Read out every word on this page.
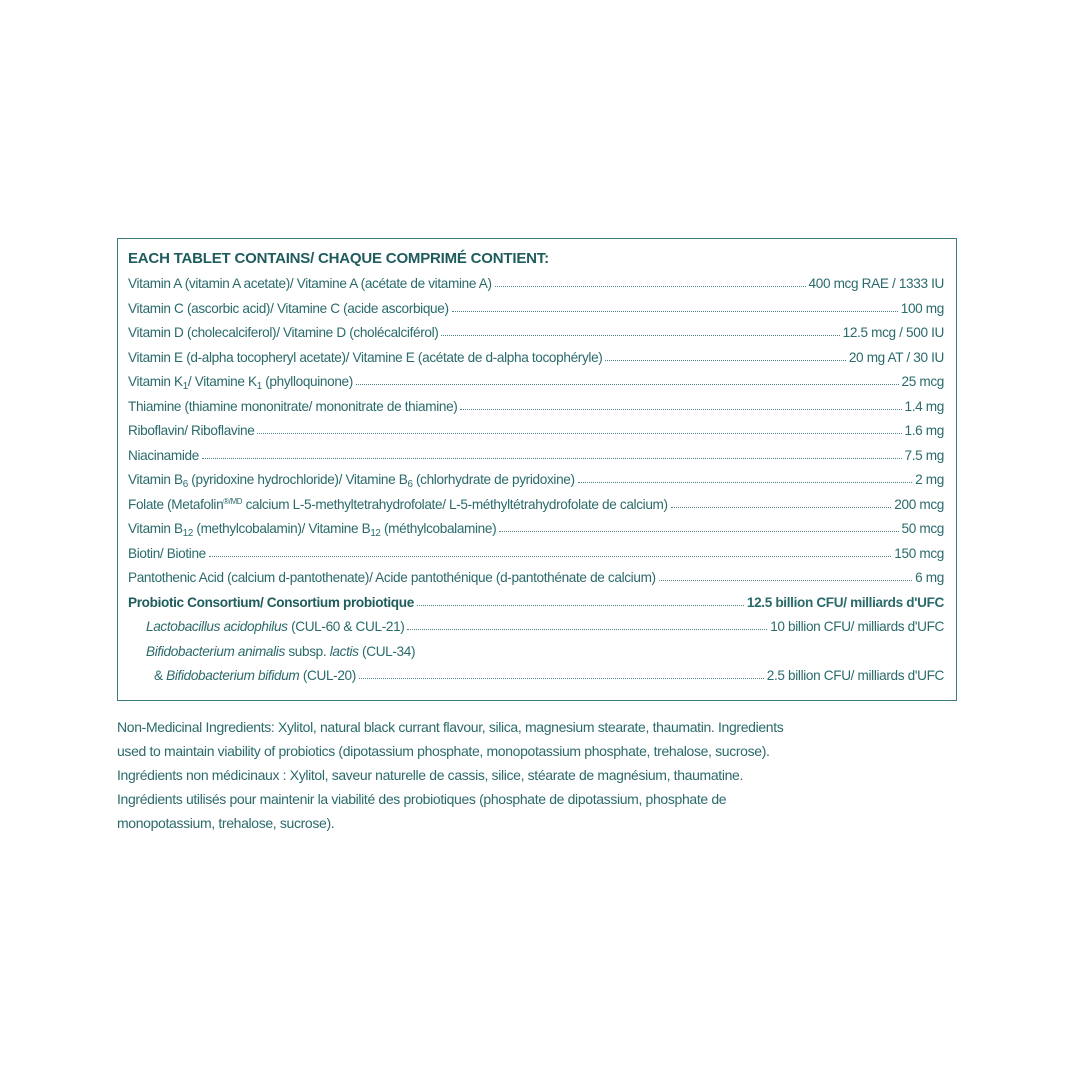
EACH TABLET CONTAINS/ CHAQUE COMPRIMÉ CONTIENT:
Vitamin A (vitamin A acetate)/ Vitamine A (acétate de vitamine A)	400 mcg RAE / 1333 IU
Vitamin C (ascorbic acid)/ Vitamine C (acide ascorbique)	100 mg
Vitamin D (cholecalciferol)/ Vitamine D (cholécalciférol)	12.5 mcg / 500 IU
Vitamin E (d-alpha tocopheryl acetate)/ Vitamine E (acétate de d-alpha tocophéryle)	20 mg AT / 30 IU
Vitamin $K_1/$ Vitamine $K_1$ (phylloquinone)	25 mcg
Thiamine (thiamine mononitrate/ mononitrate de thiamine)	1.4 mg
Riboflavin/ Riboflavine	1.6 mg
Niacinamide	7.5 mg
Vitamin $B_6$ (pyridoxine hydrochloride)/ Vitamine $B_6$ (chlorhydrate de pyridoxine)	2 mg
Folate (Metafolin$^{®/MD}$ calcium L-5-methyltetrahydrofolate/ L-5-méthyltétrahydrofolate de calcium)	200 mcg
Vitamin $B_{12}$ (methylcobalamin)/ Vitamine $B_{12}$ (méthylcobalamine)	50 mcg
Biotin/ Biotine	150 mcg
Pantothenic Acid (calcium d-pantothenate)/ Acide pantothénique (d-pantothénate de calcium)	6 mg
Probiotic Consortium/ Consortium probiotique	12.5 billion CFU/ milliards d'UFC
Lactobacillus acidophilus (CUL-60 & CUL-21)	10 billion CFU/ milliards d'UFC
Bifidobacterium animalis subsp. lactis (CUL-34)
& Bifidobacterium bifidum (CUL-20)	2.5 billion CFU/ milliards d'UFC

Non-Medicinal Ingredients: Xylitol, natural black currant flavour, silica, magnesium stearate, thaumatin. Ingredients

used to maintain viability of probiotics (dipotassium phosphate, monopotassium phosphate, trehalose, sucrose).

Ingrédients non médicinaux : Xylitol, saveur naturelle de cassis, silice, stéarate de magnésium, thaumatine.

Ingrédients utilisés pour maintenir la viabilité des probiotiques (phosphate de dipotassium, phosphate de

monopotassium, trehalose, sucrose).
